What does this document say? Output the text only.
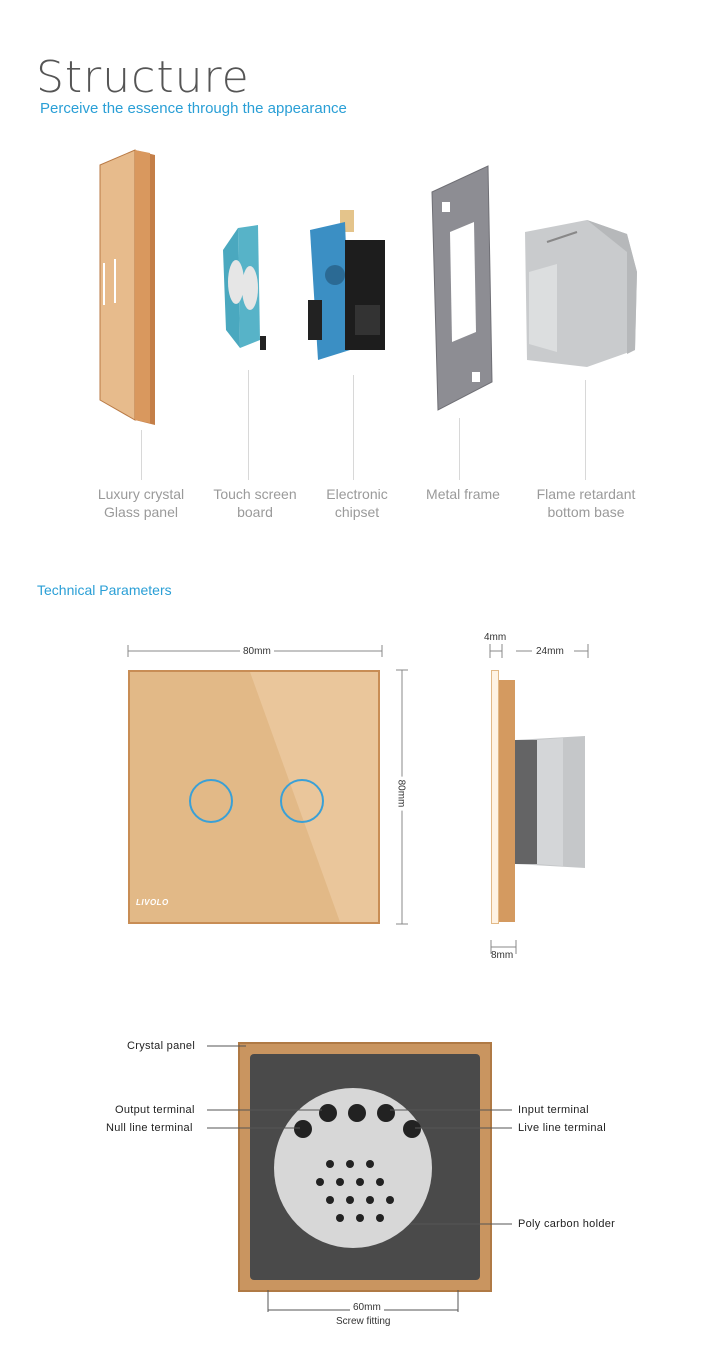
Structure
Perceive the essence through the appearance
Luxury crystal
Glass panel
Touch screen
board
Electronic
chipset
Metal frame	Flame retardant
bottom base
Technical Parameters
80mm
LIVOLO
80mm
4mm
24mm
8mm
Crystal panel
Output terminal
Null line terminal
Input terminal
Live line terminal
Poly carbon holder
60mm
Screw fitting
